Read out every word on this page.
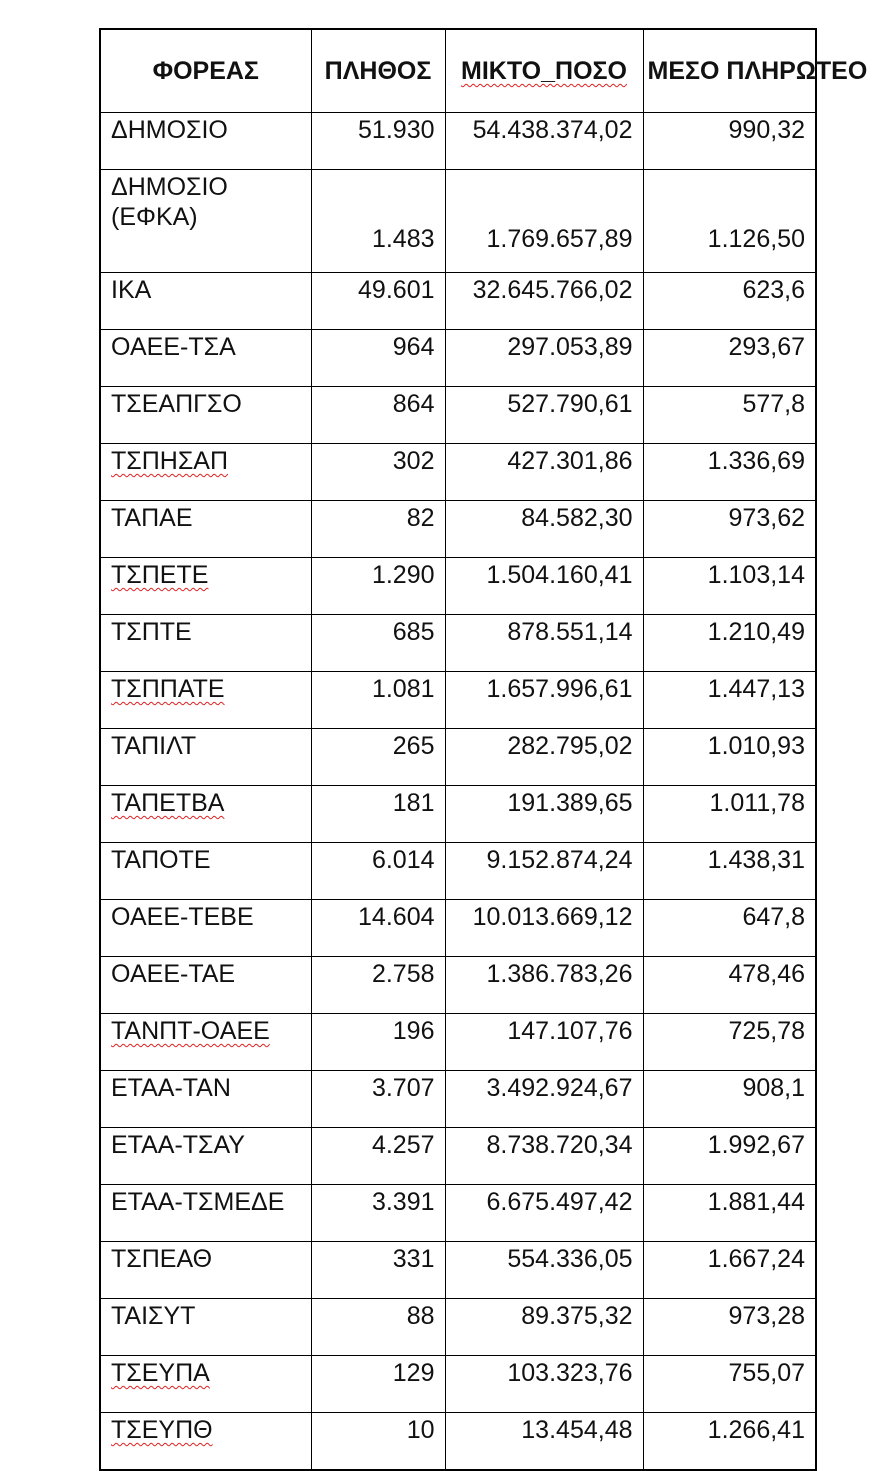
ΦΟΡΕΑΣ	ΠΛΗΘΟΣ	ΜΙΚΤΟ_ΠΟΣΟ	ΜΕΣΟ ΠΛΗΡΩΤΕΟ
ΔΗΜΟΣΙΟ	51.930	54.438.374,02	990,32
ΔΗΜΟΣΙΟ (ΕΦΚΑ)	1.483	1.769.657,89	1.126,50
ΙΚΑ	49.601	32.645.766,02	623,6
ΟΑΕΕ-ΤΣΑ	964	297.053,89	293,67
ΤΣΕΑΠΓΣΟ	864	527.790,61	577,8
ΤΣΠΗΣΑΠ	302	427.301,86	1.336,69
ΤΑΠΑΕ	82	84.582,30	973,62
ΤΣΠΕΤΕ	1.290	1.504.160,41	1.103,14
ΤΣΠΤΕ	685	878.551,14	1.210,49
ΤΣΠΠΑΤΕ	1.081	1.657.996,61	1.447,13
ΤΑΠΙΛΤ	265	282.795,02	1.010,93
ΤΑΠΕΤΒΑ	181	191.389,65	1.011,78
ΤΑΠΟΤΕ	6.014	9.152.874,24	1.438,31
ΟΑΕΕ-ΤΕΒΕ	14.604	10.013.669,12	647,8
ΟΑΕΕ-ΤΑΕ	2.758	1.386.783,26	478,46
ΤΑΝΠΤ-ΟΑΕΕ	196	147.107,76	725,78
ΕΤΑΑ-ΤΑΝ	3.707	3.492.924,67	908,1
ΕΤΑΑ-ΤΣΑΥ	4.257	8.738.720,34	1.992,67
ΕΤΑΑ-ΤΣΜΕΔΕ	3.391	6.675.497,42	1.881,44
ΤΣΠΕΑΘ	331	554.336,05	1.667,24
ΤΑΙΣΥΤ	88	89.375,32	973,28
ΤΣΕΥΠΑ	129	103.323,76	755,07
ΤΣΕΥΠΘ	10	13.454,48	1.266,41
